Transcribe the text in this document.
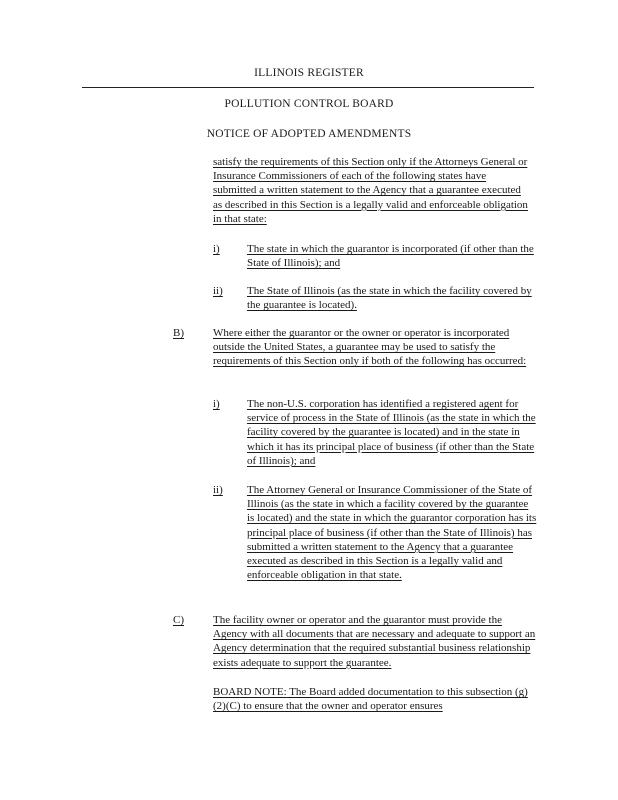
ILLINOIS REGISTER
POLLUTION CONTROL BOARD
NOTICE OF ADOPTED AMENDMENTS
satisfy the requirements of this Section only if the Attorneys General or Insurance Commissioners of each of the following states have submitted a written statement to the Agency that a guarantee executed as described in this Section is a legally valid and enforceable obligation in that state:
i) The state in which the guarantor is incorporated (if other than the State of Illinois); and
ii) The State of Illinois (as the state in which the facility covered by the guarantee is located).
B)	Where either the guarantor or the owner or operator is incorporated outside the United States, a guarantee may be used to satisfy the requirements of this Section only if both of the following has occurred:
i) The non-U.S. corporation has identified a registered agent for service of process in the State of Illinois (as the state in which the facility covered by the guarantee is located) and in the state in which it has its principal place of business (if other than the State of Illinois); and
ii) The Attorney General or Insurance Commissioner of the State of Illinois (as the state in which a facility covered by the guarantee is located) and the state in which the guarantor corporation has its principal place of business (if other than the State of Illinois) has submitted a written statement to the Agency that a guarantee executed as described in this Section is a legally valid and enforceable obligation in that state.
C)	The facility owner or operator and the guarantor must provide the Agency with all documents that are necessary and adequate to support an Agency determination that the required substantial business relationship exists adequate to support the guarantee.
BOARD NOTE: The Board added documentation to this subsection (g)(2)(C) to ensure that the owner and operator ensures
